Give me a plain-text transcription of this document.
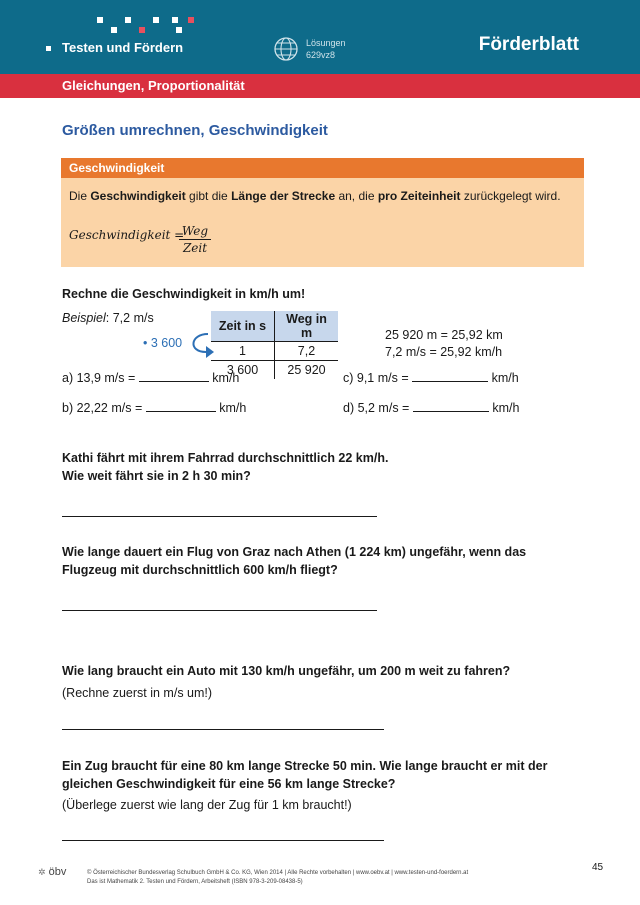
Testen und Fördern	Lösungen
629vz8	Förderblatt
Gleichungen, Proportionalität
Größen umrechnen, Geschwindigkeit
Geschwindigkeit
Die Geschwindigkeit gibt die Länge der Strecke an, die pro Zeiteinheit zurückgelegt wird.
Geschwindigkeit =
Weg
Zeit
Rechne die Geschwindigkeit in km/h um!
Beispiel: 7,2 m/s
Zeit in s	Weg in m
1	7,2
3 600	25 920
• 3 600
25 920 m = 25,92 km
7,2 m/s = 25,92 km/h
a) 13,9 m/s =	km/h
b) 22,22 m/s =	km/h
c) 9,1 m/s =	km/h
d) 5,2 m/s =	km/h
Kathi fährt mit ihrem Fahrrad durchschnittlich 22 km/h.
Wie weit fährt sie in 2 h 30 min?
Wie lange dauert ein Flug von Graz nach Athen (1 224 km) ungefähr, wenn das
Flugzeug mit durchschnittlich 600 km/h fliegt?
Wie lang braucht ein Auto mit 130 km/h ungefähr, um 200 m weit zu fahren?
(Rechne zuerst in m/s um!)
Ein Zug braucht für eine 80 km lange Strecke 50 min. Wie lange braucht er mit der
gleichen Geschwindigkeit für eine 56 km lange Strecke?
(Überlege zuerst wie lang der Zug für 1 km braucht!)
✲ öbv	© Österreichischer Bundesverlag Schulbuch GmbH & Co. KG, Wien 2014 | Alle Rechte vorbehalten | www.oebv.at | www.testen-und-foerdern.at
Das ist Mathematik 2. Testen und Fördern, Arbeitsheft (ISBN 978-3-209-08438-5)
45
